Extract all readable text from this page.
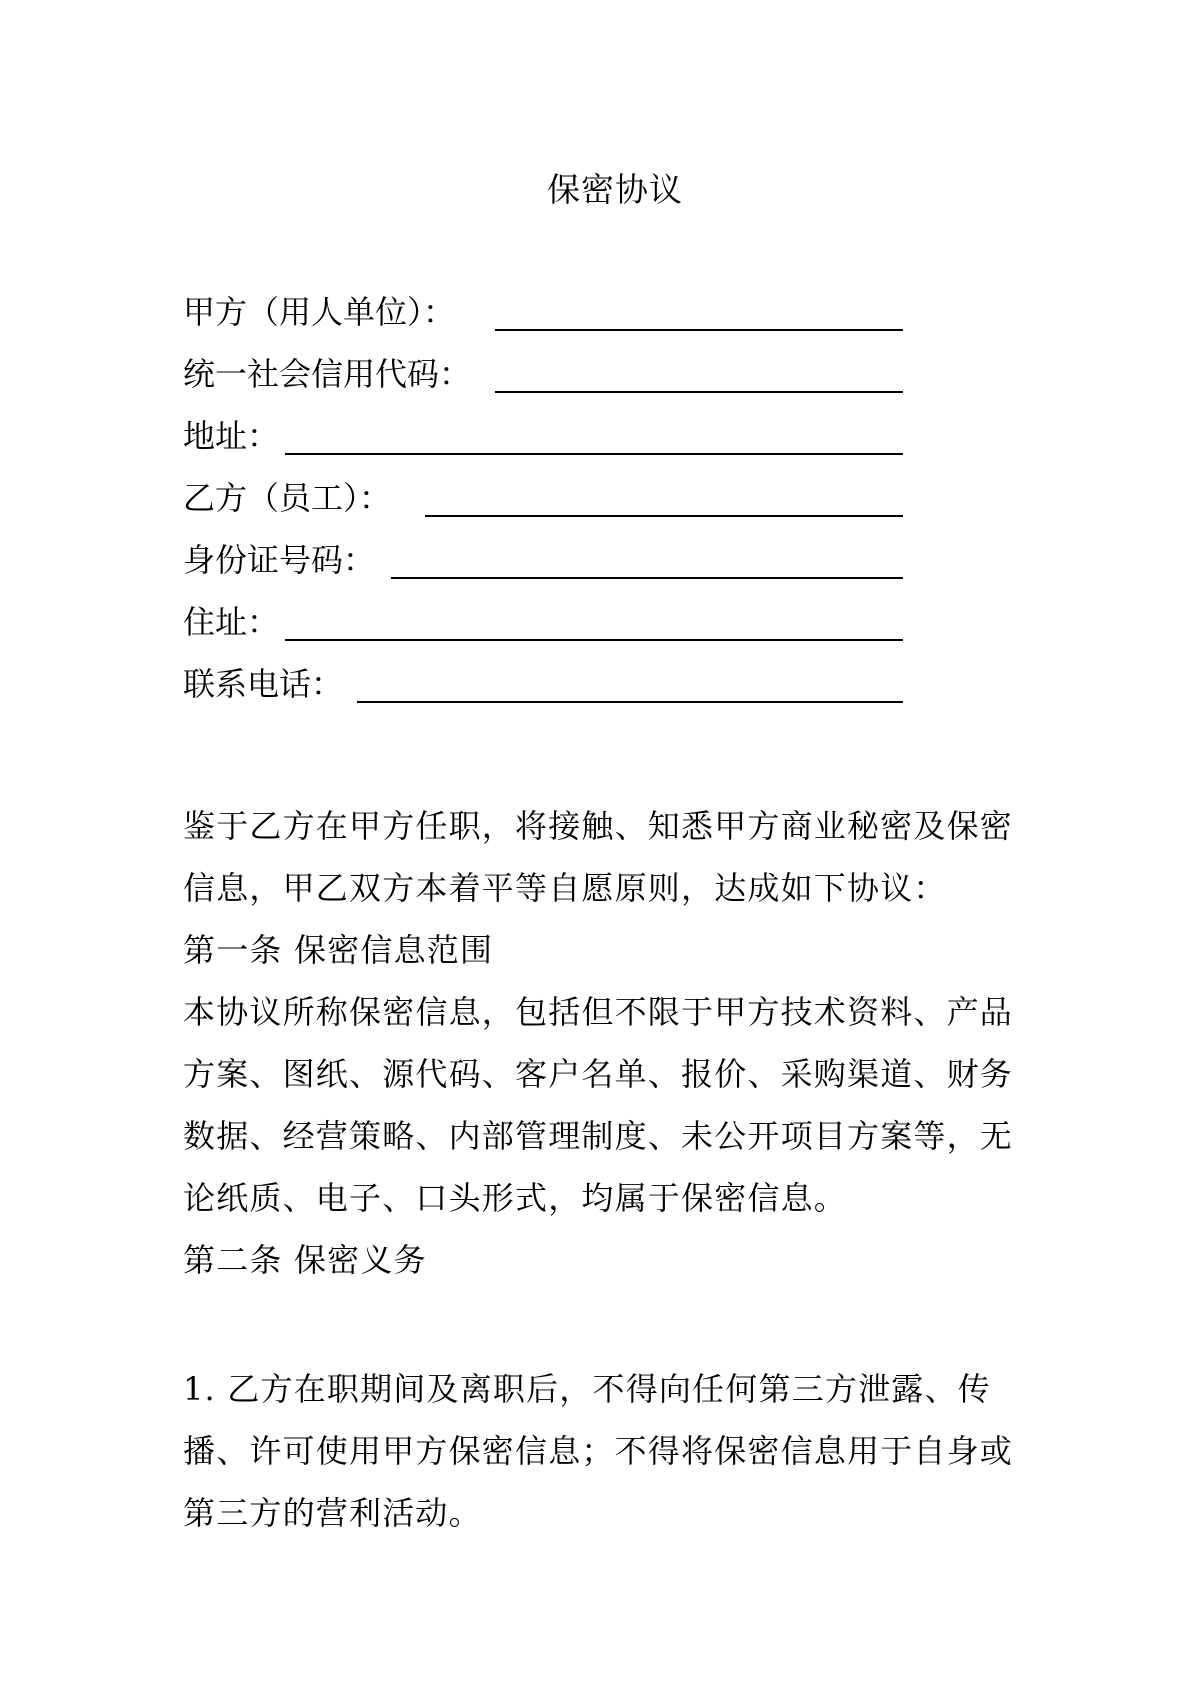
保密协议
甲方（用人单位）：
统一社会信用代码：
地址：
乙方（员工）：
身份证号码：
住址：
联系电话：

鉴于乙方在甲方任职，将接触、知悉甲方商业秘密及保密信息，甲乙双方本着平等自愿原则，达成如下协议：

第一条 保密信息范围

本协议所称保密信息，包括但不限于甲方技术资料、产品方案、图纸、源代码、客户名单、报价、采购渠道、财务数据、经营策略、内部管理制度、未公开项目方案等，无论纸质、电子、口头形式，均属于保密信息。

第二条 保密义务

1. 乙方在职期间及离职后，不得向任何第三方泄露、传播、许可使用甲方保密信息；不得将保密信息用于自身或第三方的营利活动。
